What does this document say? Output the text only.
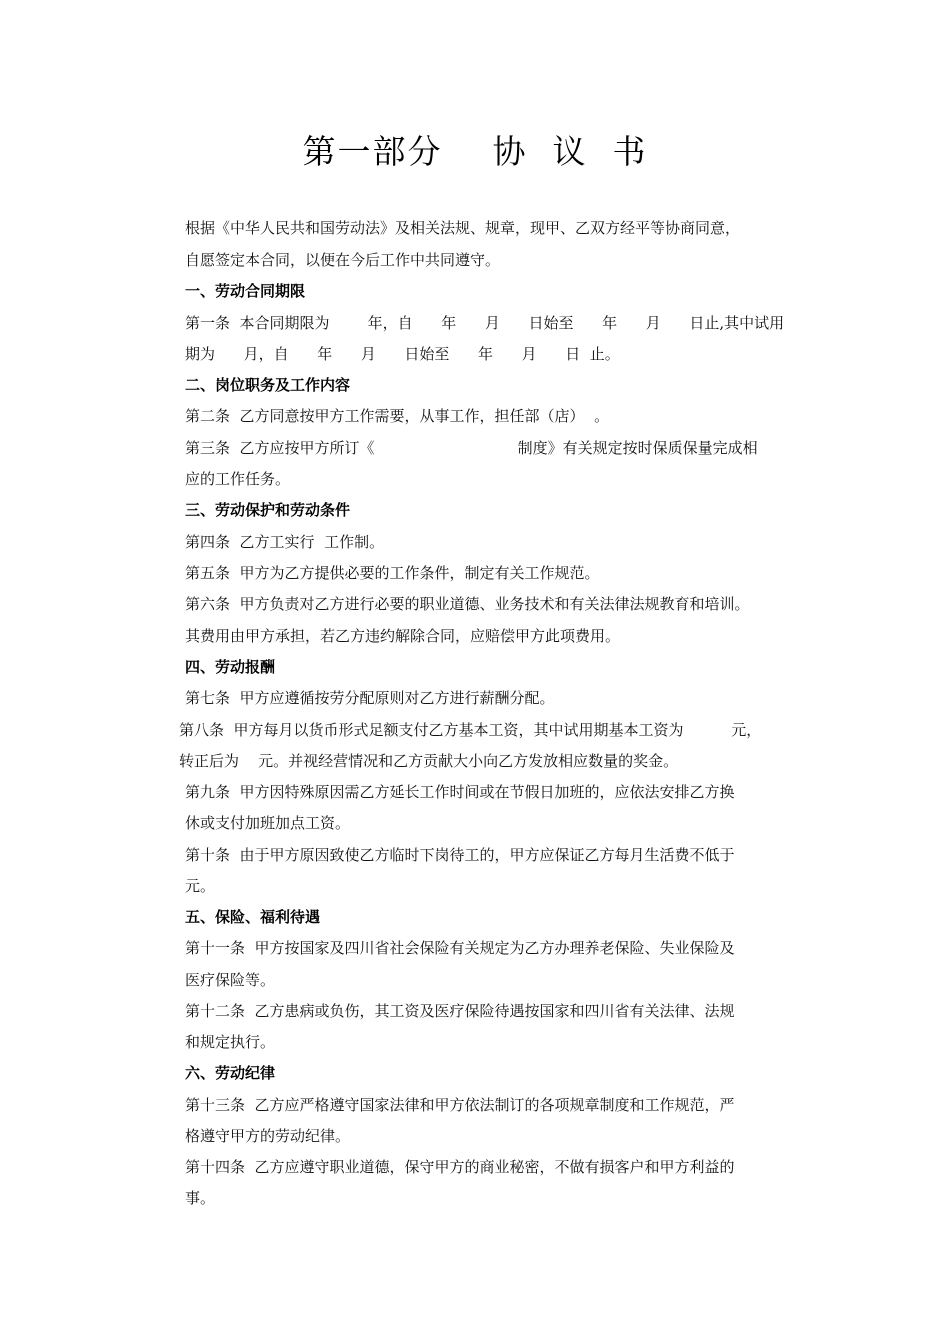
第一部分    协  议  书
根据《中华人民共和国劳动法》及相关法规、规章，现甲、乙双方经平等协商同意，
自愿签定本合同，以便在今后工作中共同遵守。
一、劳动合同期限
第一条  本合同期限为        年，自      年      月      日始至      年      月      日止,其中试用
期为      月，自      年      月      日始至      年      月      日  止。
二、岗位职务及工作内容
第二条  乙方同意按甲方工作需要，从事工作，担任部（店）  。
第三条  乙方应按甲方所订《                              制度》有关规定按时保质保量完成相
应的工作任务。
三、劳动保护和劳动条件
第四条  乙方工实行  工作制。
第五条  甲方为乙方提供必要的工作条件，制定有关工作规范。
第六条  甲方负责对乙方进行必要的职业道德、业务技术和有关法律法规教育和培训。
其费用由甲方承担，若乙方违约解除合同，应赔偿甲方此项费用。
四、劳动报酬
第七条  甲方应遵循按劳分配原则对乙方进行薪酬分配。
第八条  甲方每月以货币形式足额支付乙方基本工资，其中试用期基本工资为          元，
转正后为    元。并视经营情况和乙方贡献大小向乙方发放相应数量的奖金。
第九条  甲方因特殊原因需乙方延长工作时间或在节假日加班的，应依法安排乙方换
休或支付加班加点工资。
第十条  由于甲方原因致使乙方临时下岗待工的，甲方应保证乙方每月生活费不低于
元。
五、保险、福利待遇
第十一条  甲方按国家及四川省社会保险有关规定为乙方办理养老保险、失业保险及
医疗保险等。
第十二条  乙方患病或负伤，其工资及医疗保险待遇按国家和四川省有关法律、法规
和规定执行。
六、劳动纪律
第十三条  乙方应严格遵守国家法律和甲方依法制订的各项规章制度和工作规范，严
格遵守甲方的劳动纪律。
第十四条  乙方应遵守职业道德，保守甲方的商业秘密，不做有损客户和甲方利益的
事。
